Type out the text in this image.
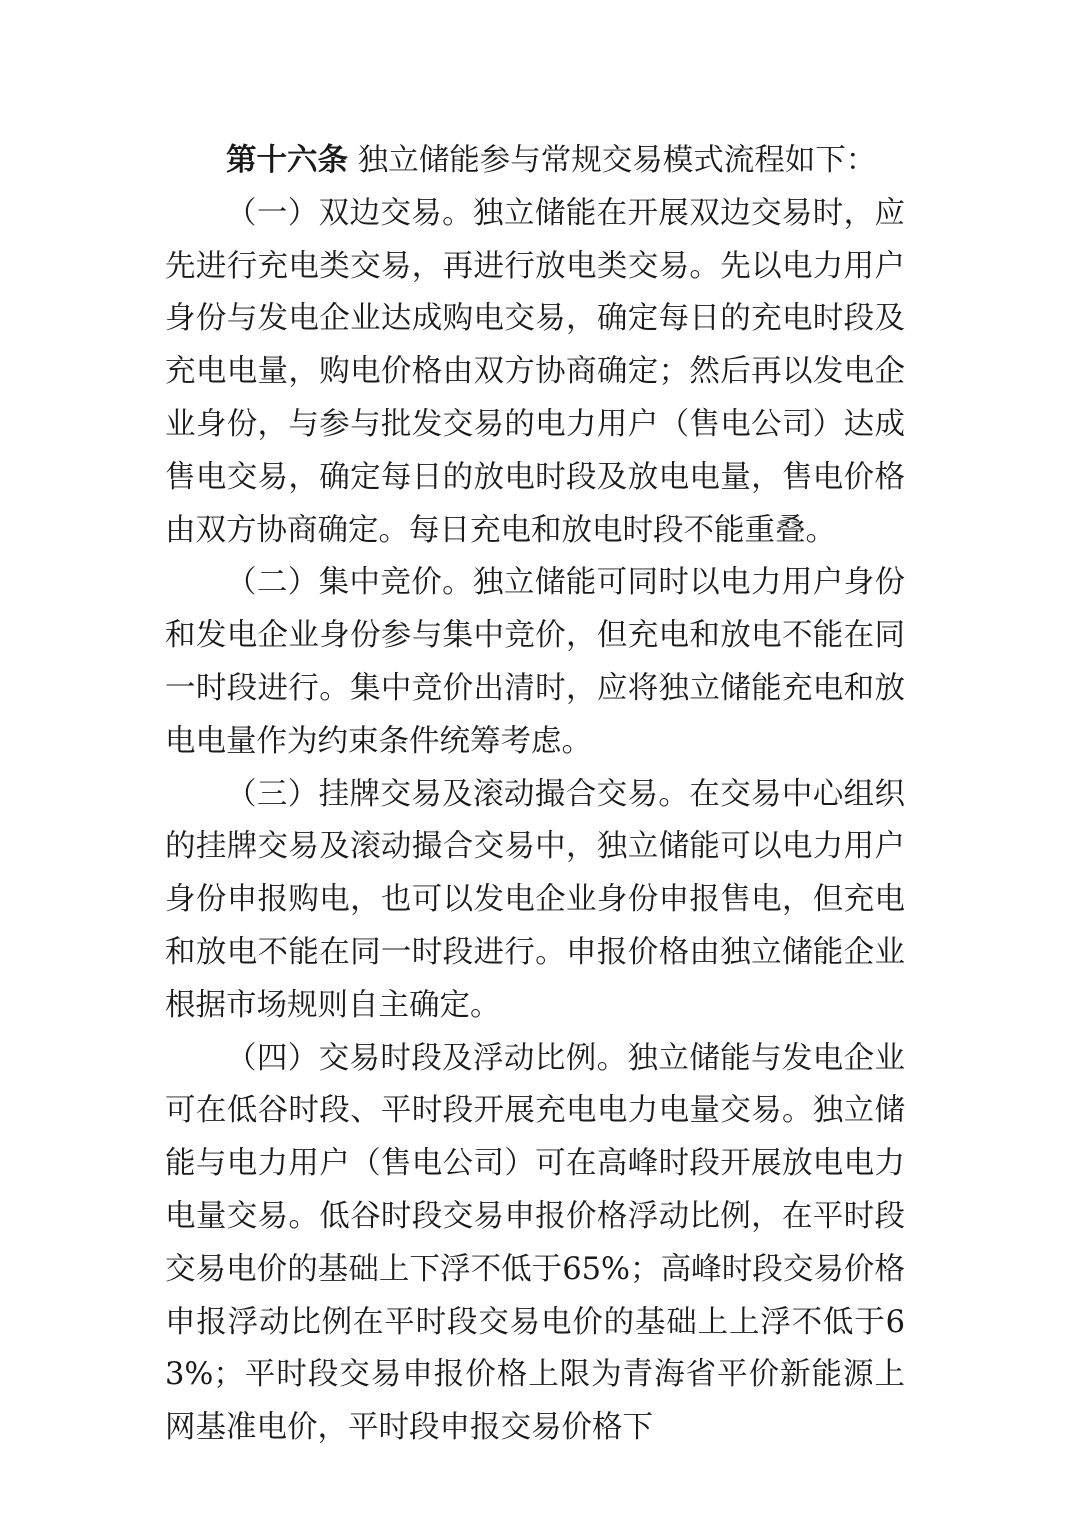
第十六条 独立储能参与常规交易模式流程如下：

（一）双边交易。独立储能在开展双边交易时，应先进行充电类交易，再进行放电类交易。先以电力用户身份与发电企业达成购电交易，确定每日的充电时段及充电电量，购电价格由双方协商确定；然后再以发电企业身份，与参与批发交易的电力用户（售电公司）达成售电交易，确定每日的放电时段及放电电量，售电价格由双方协商确定。每日充电和放电时段不能重叠。

（二）集中竞价。独立储能可同时以电力用户身份和发电企业身份参与集中竞价，但充电和放电不能在同一时段进行。集中竞价出清时，应将独立储能充电和放电电量作为约束条件统筹考虑。

（三）挂牌交易及滚动撮合交易。在交易中心组织的挂牌交易及滚动撮合交易中，独立储能可以电力用户身份申报购电，也可以发电企业身份申报售电，但充电和放电不能在同一时段进行。申报价格由独立储能企业根据市场规则自主确定。

（四）交易时段及浮动比例。独立储能与发电企业可在低谷时段、平时段开展充电电力电量交易。独立储能与电力用户（售电公司）可在高峰时段开展放电电力电量交易。低谷时段交易申报价格浮动比例，在平时段交易电价的基础上下浮不低于65%；高峰时段交易价格申报浮动比例在平时段交易电价的基础上上浮不低于63%；平时段交易申报价格上限为青海省平价新能源上网基准电价，平时段申报交易价格下
